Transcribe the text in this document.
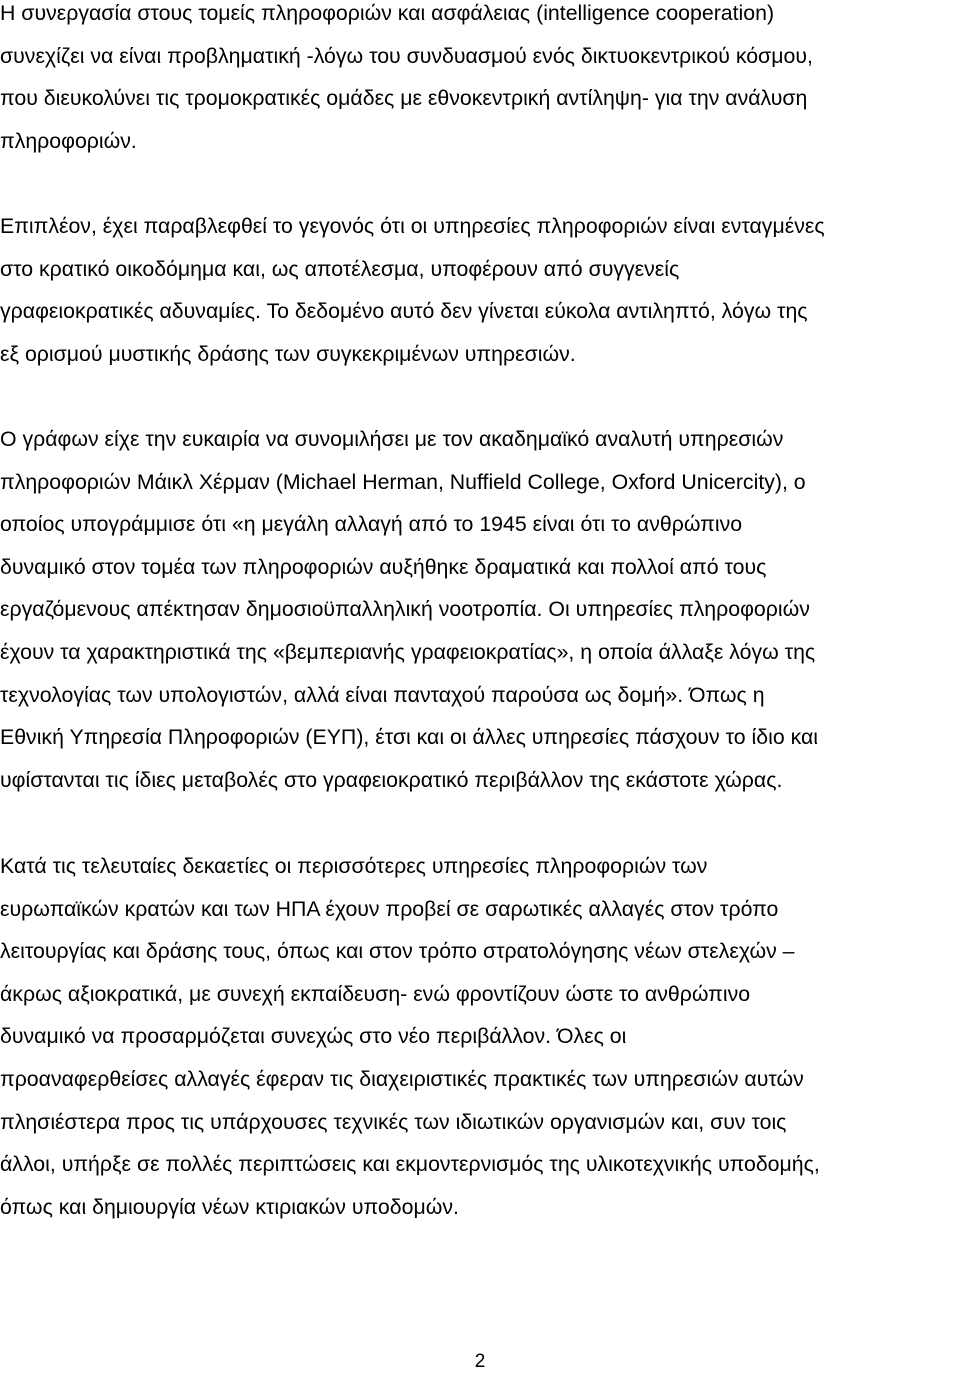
Η συνεργασία στους τομείς πληροφοριών και ασφάλειας (intelligence cooperation)
συνεχίζει να είναι προβληματική -λόγω του συνδυασμού ενός δικτυοκεντρικού κόσμου,
που διευκολύνει τις τρομοκρατικές ομάδες με εθνοκεντρική αντίληψη- για την ανάλυση
πληροφοριών.
Επιπλέον, έχει παραβλεφθεί το γεγονός ότι οι υπηρεσίες πληροφοριών είναι ενταγμένες
στο κρατικό οικοδόμημα και, ως αποτέλεσμα, υποφέρουν από συγγενείς
γραφειοκρατικές αδυναμίες. Το δεδομένο αυτό δεν γίνεται εύκολα αντιληπτό, λόγω της
εξ ορισμού μυστικής δράσης των συγκεκριμένων υπηρεσιών.
Ο γράφων είχε την ευκαιρία να συνομιλήσει με τον ακαδημαϊκό αναλυτή υπηρεσιών
πληροφοριών Μάικλ Χέρμαν (Michael Herman, Nuffield College, Oxford Unicercity), ο
οποίος υπογράμμισε ότι «η μεγάλη αλλαγή από το 1945 είναι ότι το ανθρώπινο
δυναμικό στον τομέα των πληροφοριών αυξήθηκε δραματικά και πολλοί από τους
εργαζόμενους απέκτησαν δημοσιοϋπαλληλική νοοτροπία. Οι υπηρεσίες πληροφοριών
έχουν τα χαρακτηριστικά της «βεμπεριανής γραφειοκρατίας», η οποία άλλαξε λόγω της
τεχνολογίας των υπολογιστών, αλλά είναι πανταχού παρούσα ως δομή». Όπως η
Εθνική Υπηρεσία Πληροφοριών (ΕΥΠ), έτσι και οι άλλες υπηρεσίες πάσχουν το ίδιο και
υφίστανται τις ίδιες μεταβολές στο γραφειοκρατικό περιβάλλον της εκάστοτε χώρας.
Κατά τις τελευταίες δεκαετίες οι περισσότερες υπηρεσίες πληροφοριών των
ευρωπαϊκών κρατών και των ΗΠΑ έχουν προβεί σε σαρωτικές αλλαγές στον τρόπο
λειτουργίας και δράσης τους, όπως και στον τρόπο στρατολόγησης νέων στελεχών –
άκρως αξιοκρατικά, με συνεχή εκπαίδευση- ενώ φροντίζουν ώστε το ανθρώπινο
δυναμικό να προσαρμόζεται συνεχώς στο νέο περιβάλλον. Όλες οι
προαναφερθείσες αλλαγές έφεραν τις διαχειριστικές πρακτικές των υπηρεσιών αυτών
πλησιέστερα προς τις υπάρχουσες τεχνικές των ιδιωτικών οργανισμών και, συν τοις
άλλοι, υπήρξε σε πολλές περιπτώσεις και εκμοντερνισμός της υλικοτεχνικής υποδομής,
όπως και δημιουργία νέων κτιριακών υποδομών.
2
